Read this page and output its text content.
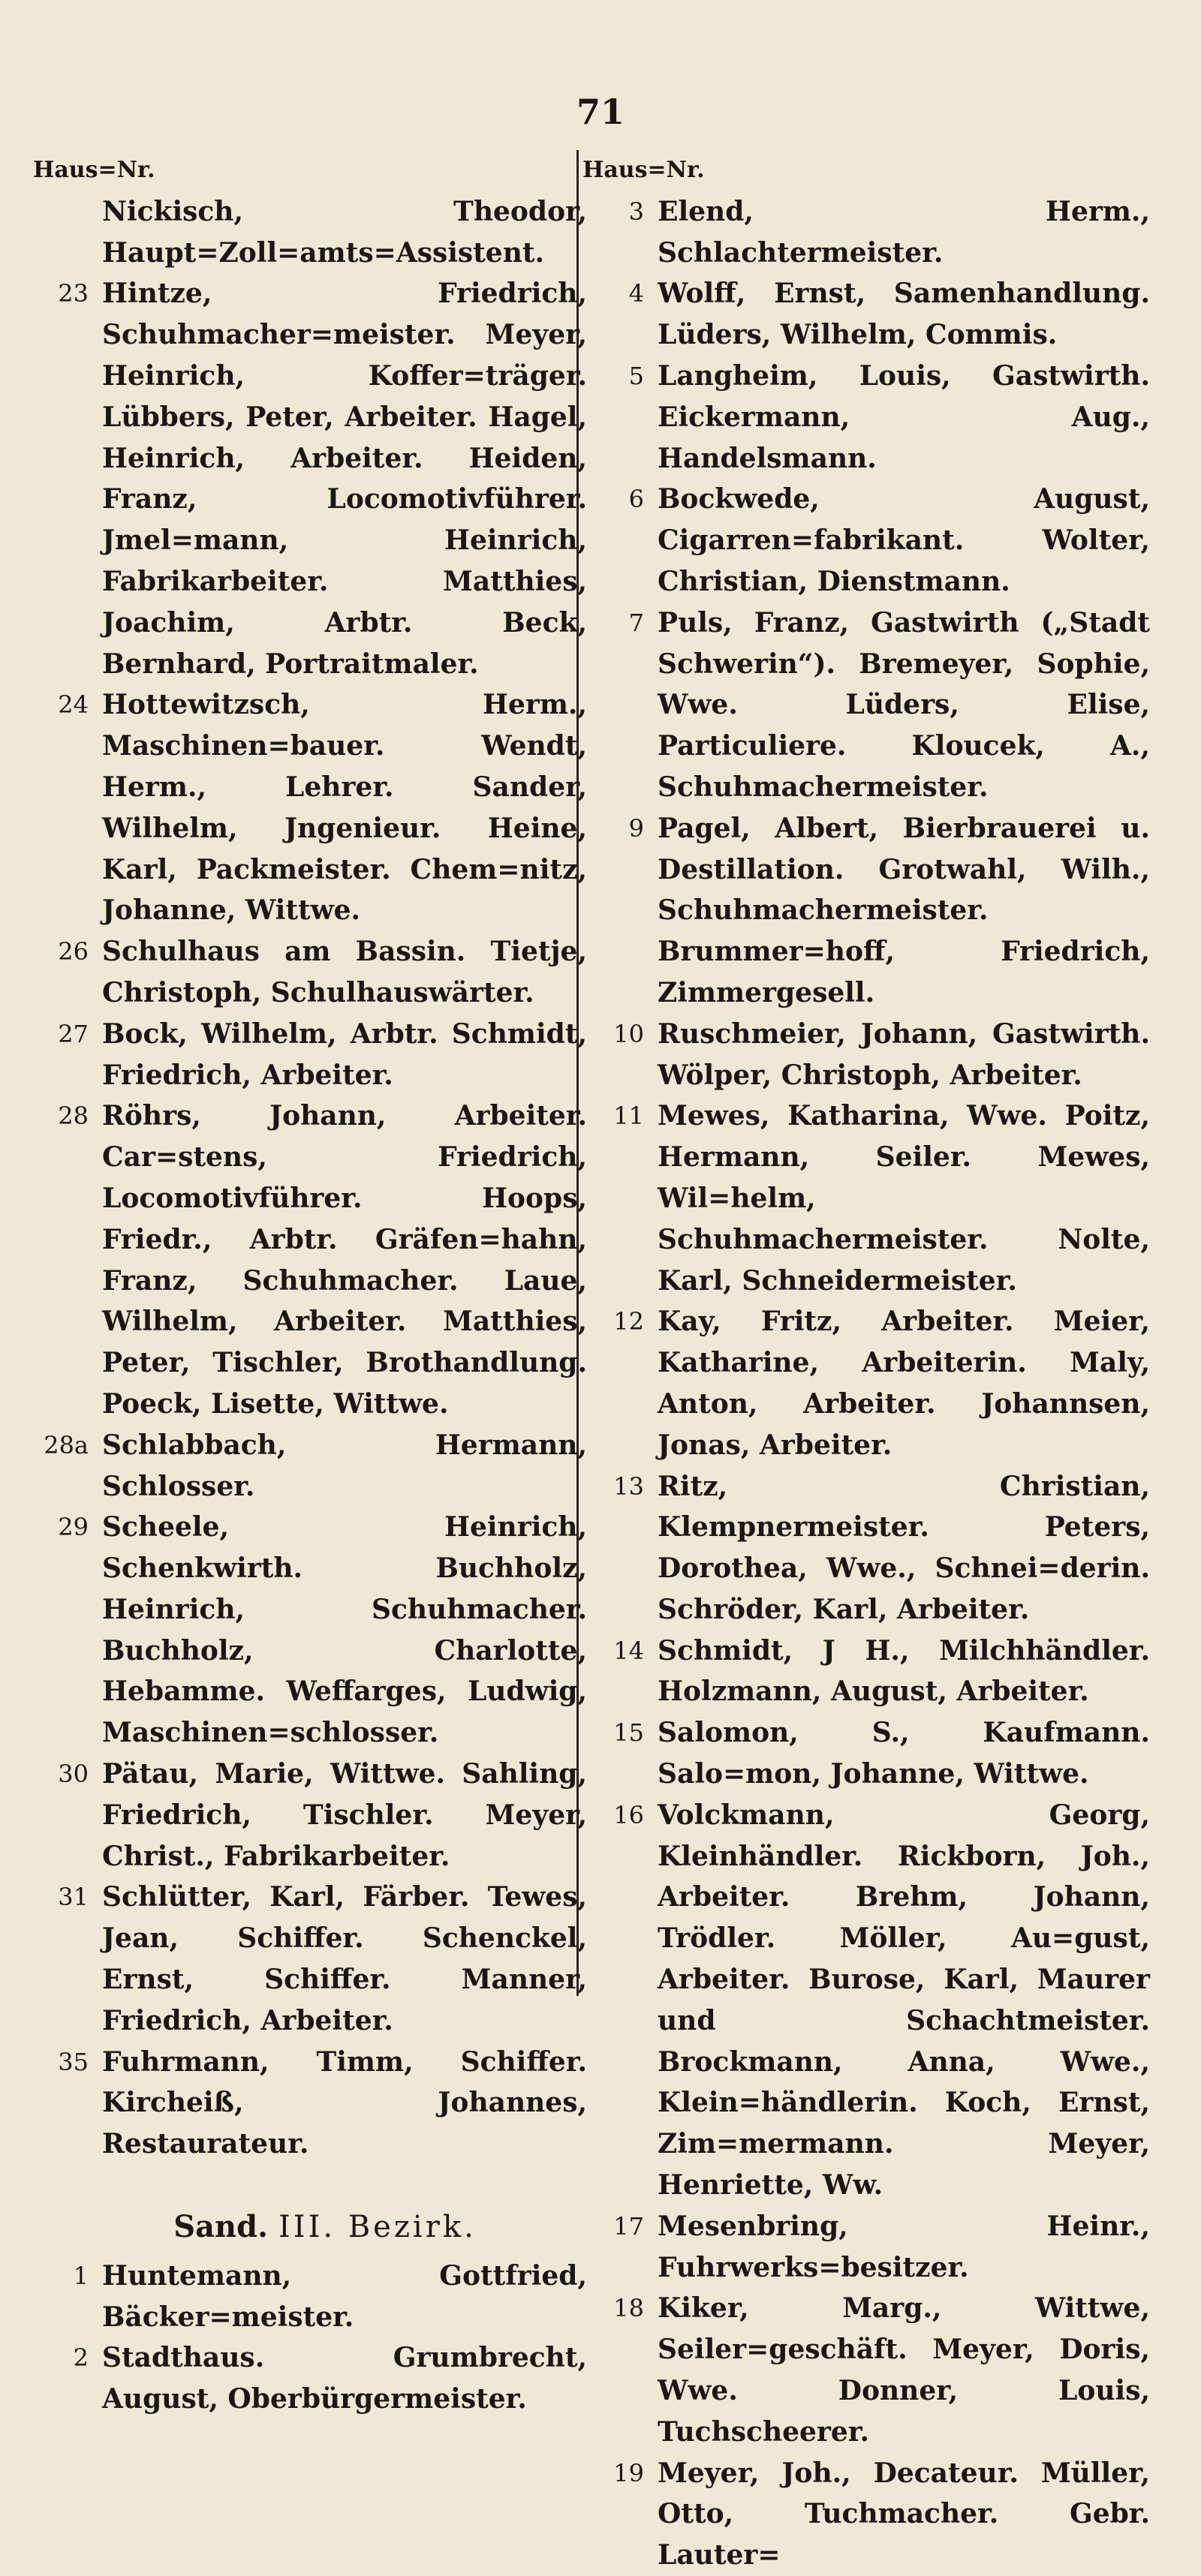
71
Haus=Nr.
Nickisch, Theodor, Haupt=Zoll=amts=Assistent.
23 Hintze, Friedrich, Schuhmacher=meister. Meyer, Heinrich, Koffer=träger. Lübbers, Peter, Arbeiter. Hagel, Heinrich, Arbeiter. Heiden, Franz, Locomotivführer. Jmel=mann, Heinrich, Fabrikarbeiter. Matthies, Joachim, Arbtr. Beck, Bernhard, Portraitmaler.
24 Hottewitzsch, Herm., Maschinen=bauer. Wendt, Herm., Lehrer. Sander, Wilhelm, Jngenieur. Heine, Karl, Packmeister. Chem=nitz, Johanne, Wittwe.
26 Schulhaus am Bassin. Tietje, Christoph, Schulhauswärter.
27 Bock, Wilhelm, Arbtr. Schmidt, Friedrich, Arbeiter.
28 Röhrs, Johann, Arbeiter. Car=stens, Friedrich, Locomotivführer. Hoops, Friedr., Arbtr. Gräfen=hahn, Franz, Schuhmacher. Laue, Wilhelm, Arbeiter. Matthies, Peter, Tischler, Brothandlung. Poeck, Lisette, Wittwe.
28a Schlabbach, Hermann, Schlosser.
29 Scheele, Heinrich, Schenkwirth. Buchholz, Heinrich, Schuhmacher. Buchholz, Charlotte, Hebamme. Weffarges, Ludwig, Maschinen=schlosser.
30 Pätau, Marie, Wittwe. Sahling, Friedrich, Tischler. Meyer, Christ., Fabrikarbeiter.
31 Schlütter, Karl, Färber. Tewes, Jean, Schiffer. Schenckel, Ernst, Schiffer. Manner, Friedrich, Arbeiter.
35 Fuhrmann, Timm, Schiffer. Kircheiß, Johannes, Restaurateur.
Sand. III. Bezirk.
1 Huntemann, Gottfried, Bäcker=meister.
2 Stadthaus. Grumbrecht, August, Oberbürgermeister.
Haus=Nr.
3 Elend, Herm., Schlachtermeister.
4 Wolff, Ernst, Samenhandlung. Lüders, Wilhelm, Commis.
5 Langheim, Louis, Gastwirth. Eickermann, Aug., Handelsmann.
6 Bockwede, August, Cigarren=fabrikant. Wolter, Christian, Dienstmann.
7 Puls, Franz, Gastwirth („Stadt Schwerin“). Bremeyer, Sophie, Wwe. Lüders, Elise, Particuliere. Kloucek, A., Schuhmachermeister.
9 Pagel, Albert, Bierbrauerei u. Destillation. Grotwahl, Wilh., Schuhmachermeister. Brummer=hoff, Friedrich, Zimmergesell.
10 Ruschmeier, Johann, Gastwirth. Wölper, Christoph, Arbeiter.
11 Mewes, Katharina, Wwe. Poitz, Hermann, Seiler. Mewes, Wil=helm, Schuhmachermeister. Nolte, Karl, Schneidermeister.
12 Kay, Fritz, Arbeiter. Meier, Katharine, Arbeiterin. Maly, Anton, Arbeiter. Johannsen, Jonas, Arbeiter.
13 Ritz, Christian, Klempnermeister. Peters, Dorothea, Wwe., Schnei=derin. Schröder, Karl, Arbeiter.
14 Schmidt, J H., Milchhändler. Holzmann, August, Arbeiter.
15 Salomon, S., Kaufmann. Salo=mon, Johanne, Wittwe.
16 Volckmann, Georg, Kleinhändler. Rickborn, Joh., Arbeiter. Brehm, Johann, Trödler. Möller, Au=gust, Arbeiter. Burose, Karl, Maurer und Schachtmeister. Brockmann, Anna, Wwe., Klein=händlerin. Koch, Ernst, Zim=mermann. Meyer, Henriette, Ww.
17 Mesenbring, Heinr., Fuhrwerks=besitzer.
18 Kiker, Marg., Wittwe, Seiler=geschäft. Meyer, Doris, Wwe. Donner, Louis, Tuchscheerer.
19 Meyer, Joh., Decateur. Müller, Otto, Tuchmacher. Gebr. Lauter=
